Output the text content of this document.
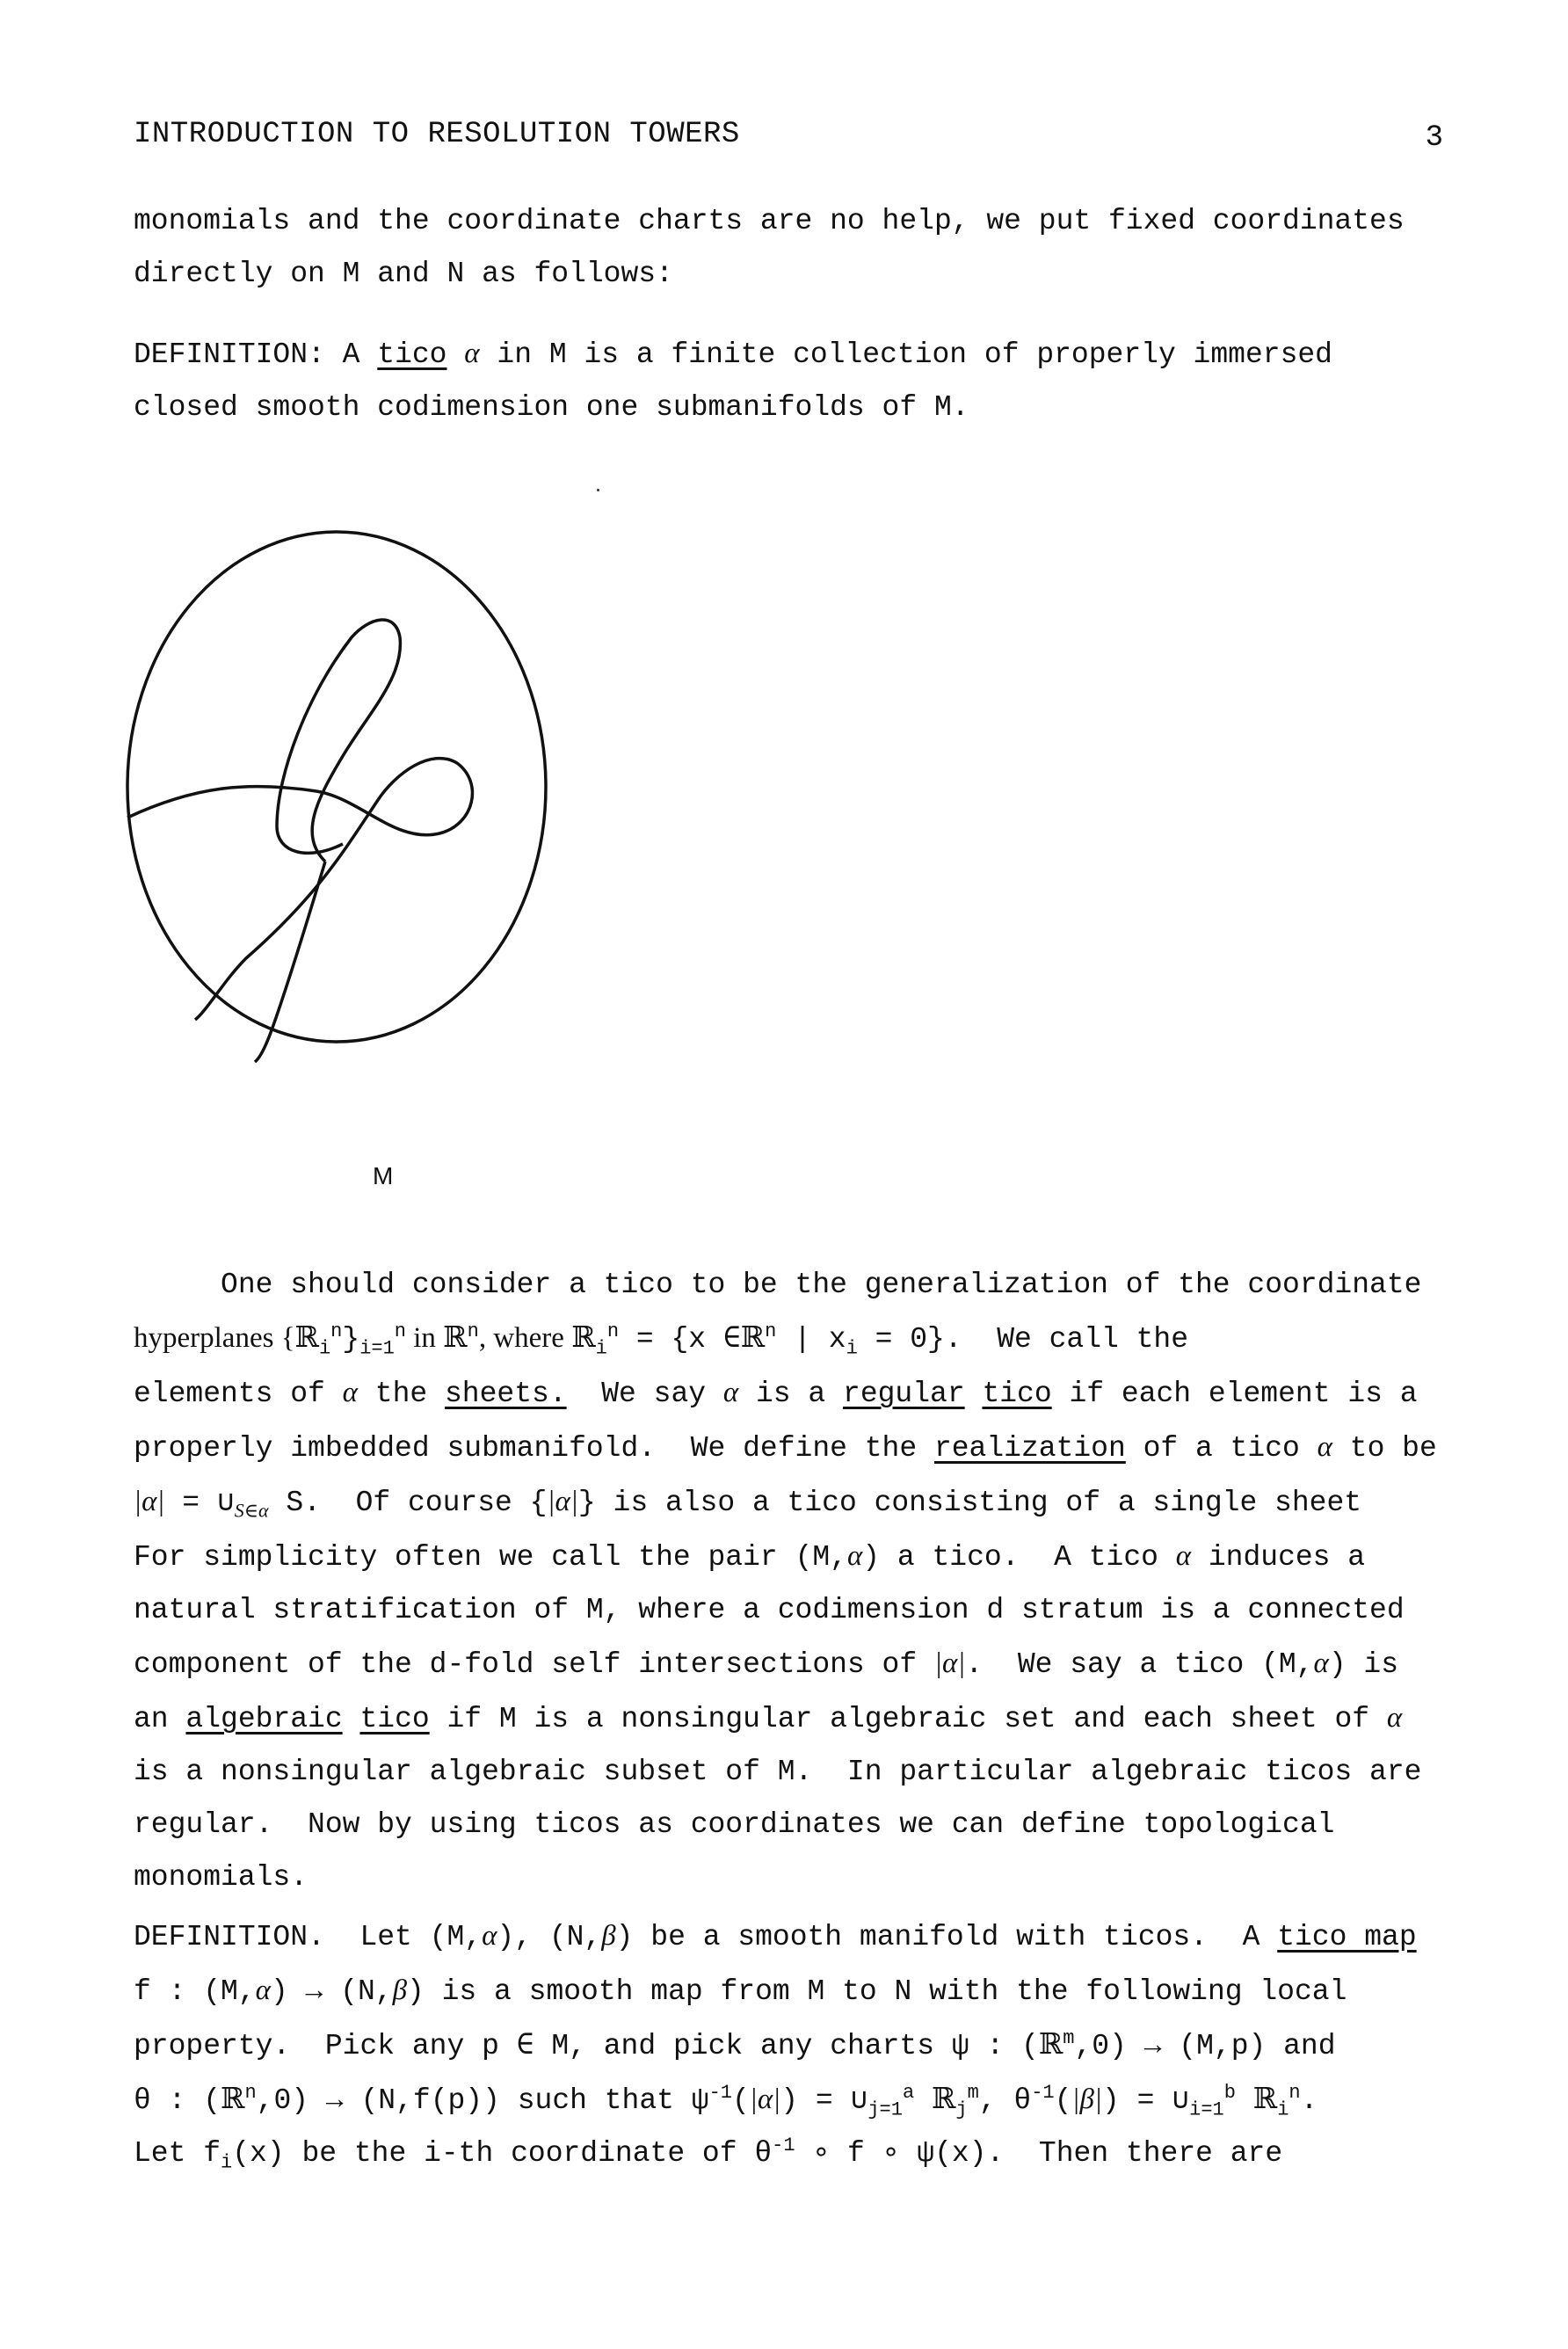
INTRODUCTION TO RESOLUTION TOWERS	3
monomials and the coordinate charts are no help, we put fixed coordinates
directly on M and N as follows:
DEFINITION: A tico α in M is a finite collection of properly immersed
closed smooth codimension one submanifolds of M.
M
One should consider a tico to be the generalization of the coordinate
hyperplanes $\{ℝ_i^n\}_{i=1}^n$ in ℝ$^n$, where ℝ$_i^n$ = {x ∈ℝ$^n$ | $x_i = 0$}.  We call the
elements of α the sheets.  We say α is a regular tico if each element is a
properly imbedded submanifold.  We define the realization of a tico α to be
$|\alpha| = \cup_{S\in\alpha}$ S.  Of course {|α|} is also a tico consisting of a single sheet
For simplicity often we call the pair (M,α) a tico.  A tico α induces a
natural stratification of M, where a codimension d stratum is a connected
component of the d-fold self intersections of |α|.  We say a tico (M,α) is
an algebraic tico if M is a nonsingular algebraic set and each sheet of α
is a nonsingular algebraic subset of M.  In particular algebraic ticos are
regular.  Now by using ticos as coordinates we can define topological
monomials.
DEFINITION.  Let (M,α), (N,β) be a smooth manifold with ticos.  A tico map
f : (M,α) → (N,β) is a smooth map from M to N with the following local
property.  Pick any p ∈ M, and pick any charts ψ : (ℝ$^m$,0) → (M,p) and
θ : (ℝ$^n$,0) → (N,f(p)) such that $\psi^{-1}(|\alpha|)$ = $\cup_{j=1}^a$ ℝ$_j^m$, $\theta^{-1}(|\beta|)$ = $\cup_{i=1}^b$ ℝ$_i^n$.
Let $f_i(x)$ be the i-th coordinate of $\theta^{-1}$ ∘ f ∘ ψ(x).  Then there are
